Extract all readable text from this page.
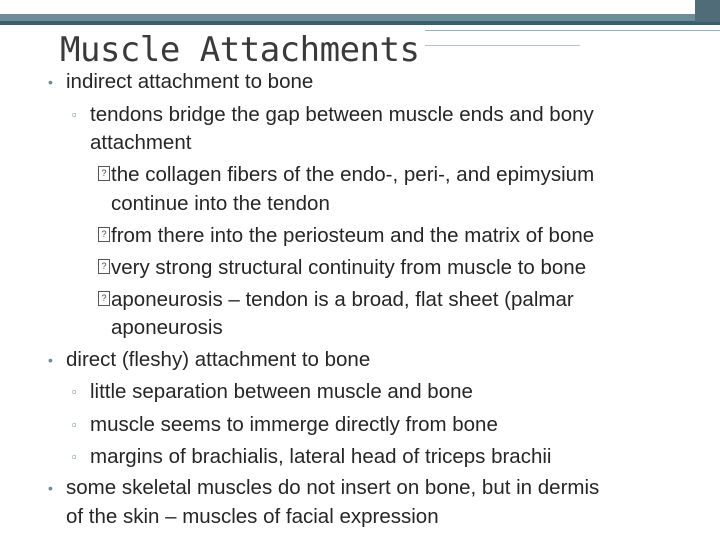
Muscle Attachments
• indirect attachment to bone
▫ tendons bridge the gap between muscle ends and bony
attachment
? the collagen fibers of the endo-, peri-, and epimysium
continue into the tendon
? from there into the periosteum and the matrix of bone
? very strong structural continuity from muscle to bone
? aponeurosis – tendon is a broad, flat sheet (palmar
aponeurosis
• direct (fleshy) attachment to bone
▫ little separation between muscle and bone
▫ muscle seems to immerge directly from bone
▫ margins of brachialis, lateral head of triceps brachii
• some skeletal muscles do not insert on bone, but in dermis
of the skin – muscles of facial expression
